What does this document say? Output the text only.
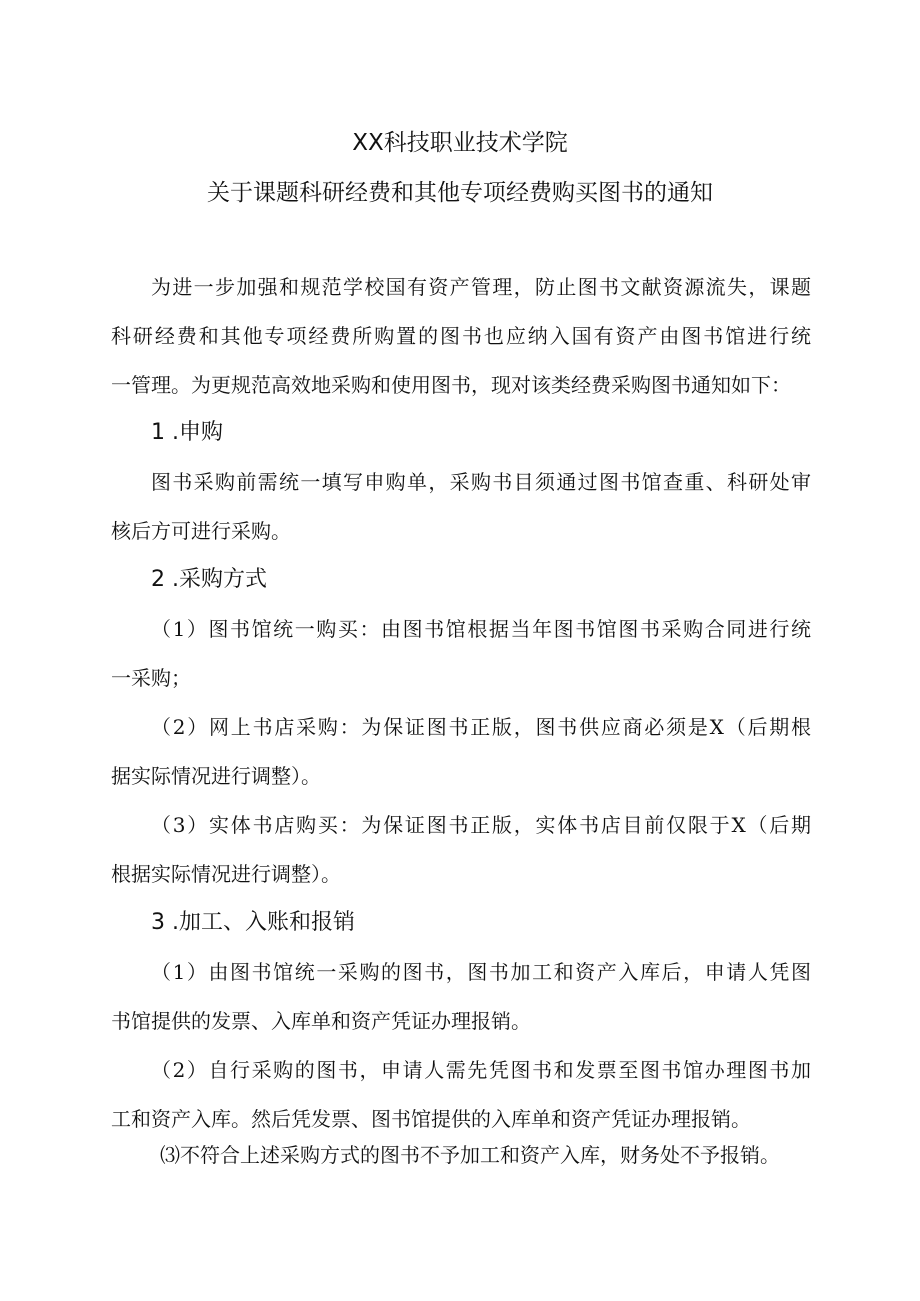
XX科技职业技术学院
关于课题科研经费和其他专项经费购买图书的通知
为进一步加强和规范学校国有资产管理，防止图书文献资源流失，课题
科研经费和其他专项经费所购置的图书也应纳入国有资产由图书馆进行统
一管理。为更规范高效地采购和使用图书，现对该类经费采购图书通知如下：
1 .申购
图书采购前需统一填写申购单，采购书目须通过图书馆查重、科研处审
核后方可进行采购。
2 .采购方式
（1）图书馆统一购买：由图书馆根据当年图书馆图书采购合同进行统
一采购；
（2）网上书店采购：为保证图书正版，图书供应商必须是X（后期根
据实际情况进行调整）。
（3）实体书店购买：为保证图书正版，实体书店目前仅限于X（后期
根据实际情况进行调整）。
3 .加工、入账和报销
（1）由图书馆统一采购的图书，图书加工和资产入库后，申请人凭图
书馆提供的发票、入库单和资产凭证办理报销。
（2）自行采购的图书，申请人需先凭图书和发票至图书馆办理图书加
工和资产入库。然后凭发票、图书馆提供的入库单和资产凭证办理报销。
⑶不符合上述采购方式的图书不予加工和资产入库，财务处不予报销。
